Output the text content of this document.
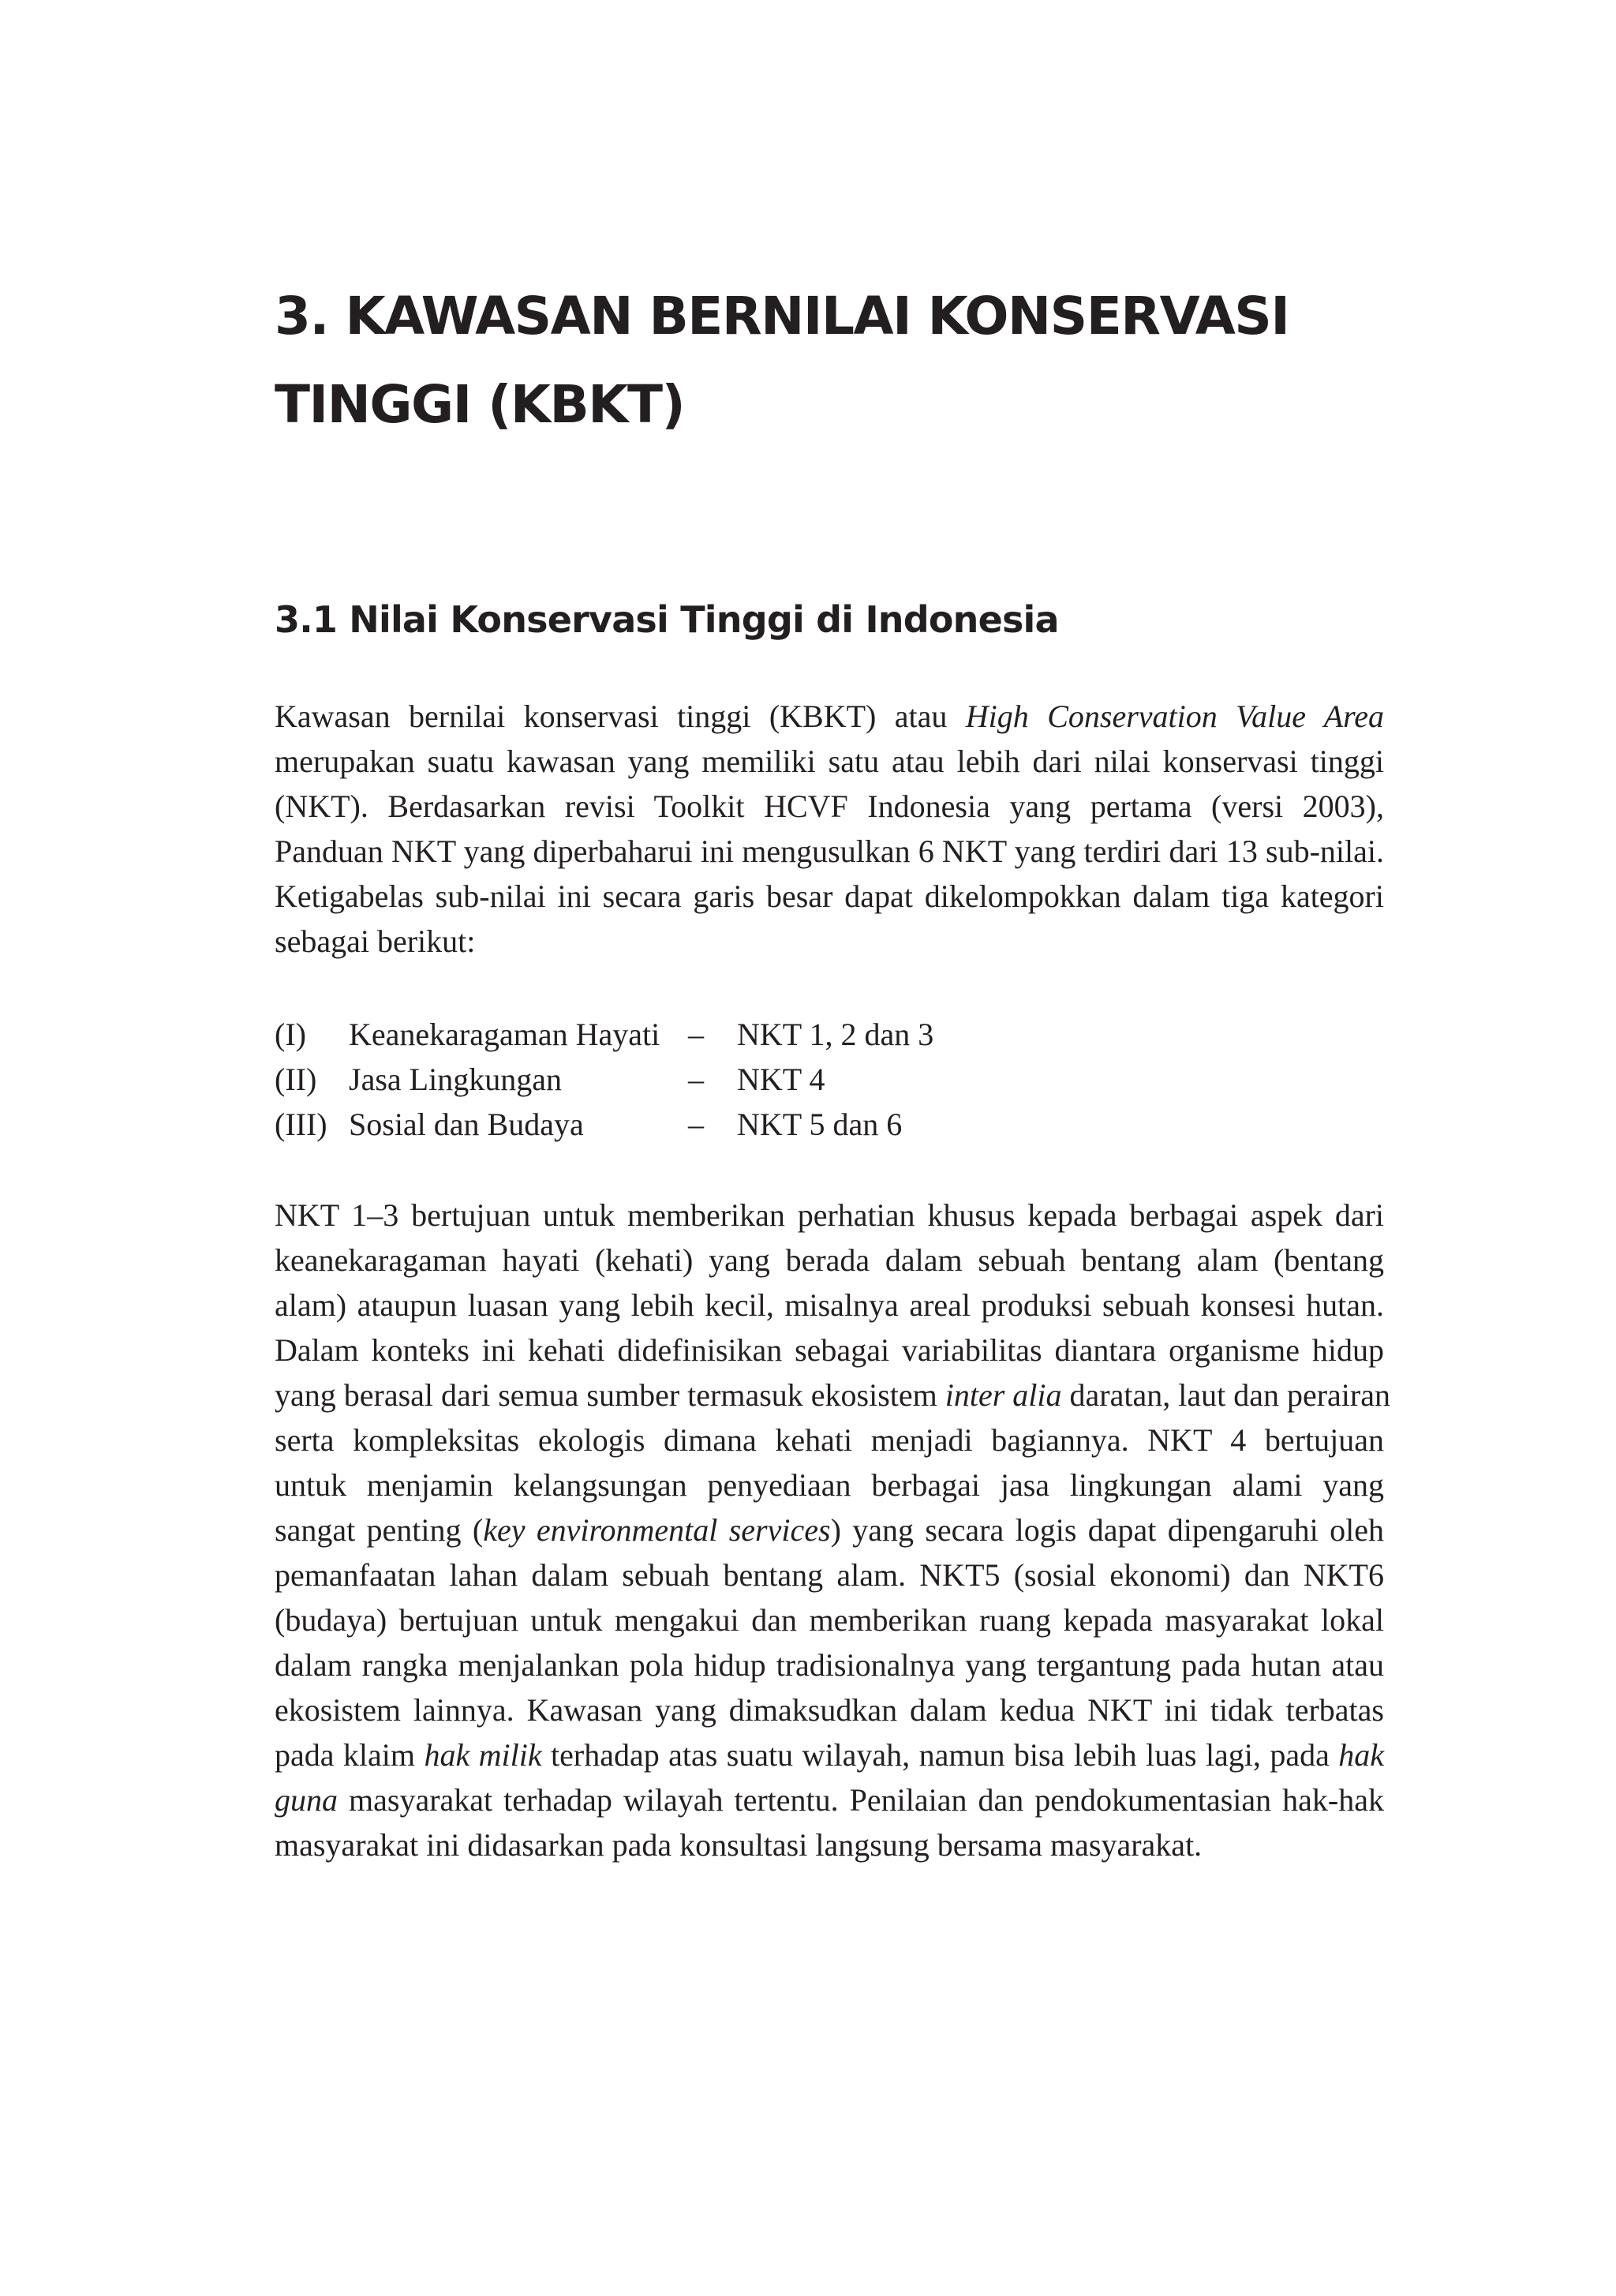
3. KAWASAN BERNILAI KONSERVASI
TINGGI (KBKT)
3.1 Nilai Konservasi Tinggi di Indonesia

Kawasan bernilai konservasi tinggi (KBKT) atau High Conservation Value Area
merupakan suatu kawasan yang memiliki satu atau lebih dari nilai konservasi tinggi
(NKT). Berdasarkan revisi Toolkit HCVF Indonesia yang pertama (versi 2003),
Panduan NKT yang diperbaharui ini mengusulkan 6 NKT yang terdiri dari 13 sub-nilai.
Ketigabelas sub-nilai ini secara garis besar dapat dikelompokkan dalam tiga kategori
sebagai berikut:

(I) Keanekaragaman Hayati – NKT 1, 2 dan 3
(II) Jasa Lingkungan	– NKT 4
(III) Sosial dan Budaya	– NKT 5 dan 6

NKT 1–3 bertujuan untuk memberikan perhatian khusus kepada berbagai aspek dari
keanekaragaman hayati (kehati) yang berada dalam sebuah bentang alam (bentang
alam) ataupun luasan yang lebih kecil, misalnya areal produksi sebuah konsesi hutan.
Dalam konteks ini kehati didefinisikan sebagai variabilitas diantara organisme hidup
yang berasal dari semua sumber termasuk ekosistem inter alia daratan, laut dan perairan
serta kompleksitas ekologis dimana kehati menjadi bagiannya. NKT 4 bertujuan
untuk menjamin kelangsungan penyediaan berbagai jasa lingkungan alami yang
sangat penting (key environmental services) yang secara logis dapat dipengaruhi oleh
pemanfaatan lahan dalam sebuah bentang alam. NKT5 (sosial ekonomi) dan NKT6
(budaya) bertujuan untuk mengakui dan memberikan ruang kepada masyarakat lokal
dalam rangka menjalankan pola hidup tradisionalnya yang tergantung pada hutan atau
ekosistem lainnya. Kawasan yang dimaksudkan dalam kedua NKT ini tidak terbatas
pada klaim hak milik terhadap atas suatu wilayah, namun bisa lebih luas lagi, pada hak
guna masyarakat terhadap wilayah tertentu. Penilaian dan pendokumentasian hak-hak
masyarakat ini didasarkan pada konsultasi langsung bersama masyarakat.
